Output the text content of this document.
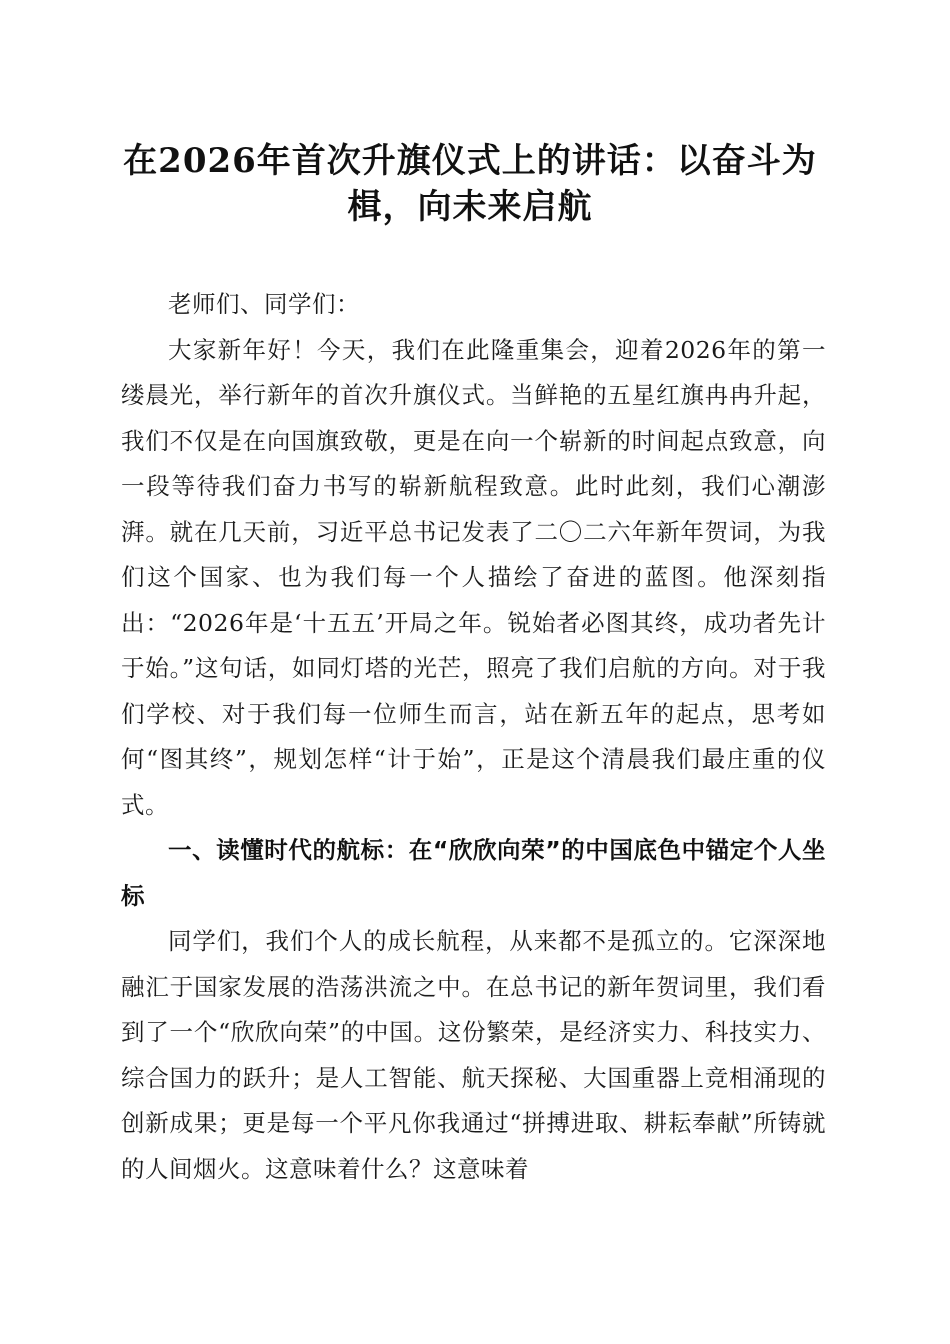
在2026年首次升旗仪式上的讲话：以奋斗为楫，向未来启航

老师们、同学们：

大家新年好！今天，我们在此隆重集会，迎着2026年的第一缕晨光，举行新年的首次升旗仪式。当鲜艳的五星红旗冉冉升起，我们不仅是在向国旗致敬，更是在向一个崭新的时间起点致意，向一段等待我们奋力书写的崭新航程致意。此时此刻，我们心潮澎湃。就在几天前，习近平总书记发表了二〇二六年新年贺词，为我们这个国家、也为我们每一个人描绘了奋进的蓝图。他深刻指出：“2026年是‘十五五’开局之年。锐始者必图其终，成功者先计于始。”这句话，如同灯塔的光芒，照亮了我们启航的方向。对于我们学校、对于我们每一位师生而言，站在新五年的起点，思考如何“图其终”，规划怎样“计于始”，正是这个清晨我们最庄重的仪式。

一、读懂时代的航标：在“欣欣向荣”的中国底色中锚定个人坐标

同学们，我们个人的成长航程，从来都不是孤立的。它深深地融汇于国家发展的浩荡洪流之中。在总书记的新年贺词里，我们看到了一个“欣欣向荣”的中国。这份繁荣，是经济实力、科技实力、综合国力的跃升；是人工智能、航天探秘、大国重器上竞相涌现的创新成果；更是每一个平凡你我通过“拼搏进取、耕耘奉献”所铸就的人间烟火。这意味着什么？这意味着
